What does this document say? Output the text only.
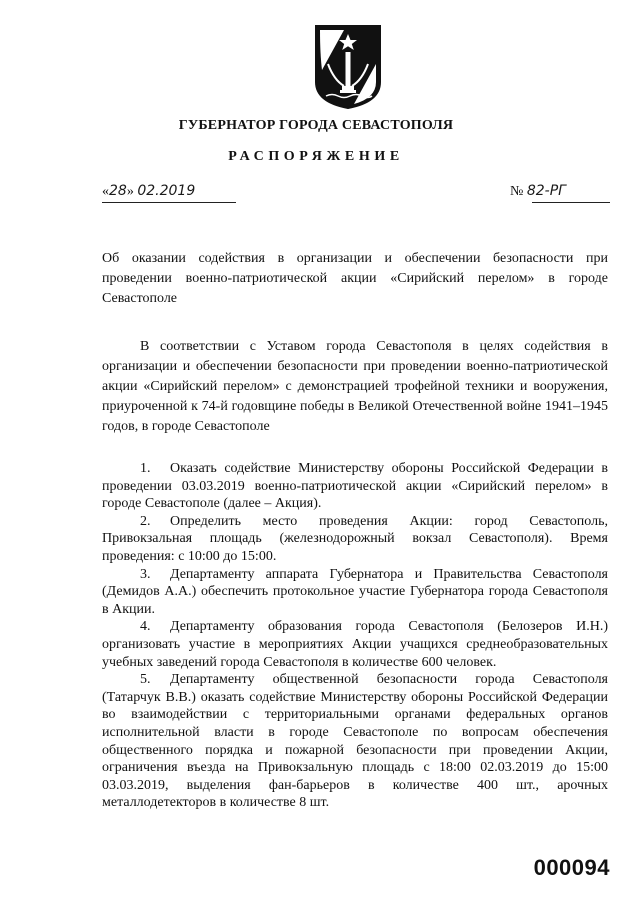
ГУБЕРНАТОР ГОРОДА СЕВАСТОПОЛЯ
РАСПОРЯЖЕНИЕ
«28» 02.2019	№ 82-РГ
Об оказании содействия в организации и обеспечении безопасности при проведении военно-патриотической акции «Сирийский перелом» в городе Севастополе
В соответствии с Уставом города Севастополя в целях содействия в организации и обеспечении безопасности при проведении военно-патриотической акции «Сирийский перелом» с демонстрацией трофейной техники и вооружения, приуроченной к 74-й годовщине победы в Великой Отечественной войне 1941–1945 годов, в городе Севастополе

1. Оказать содействие Министерству обороны Российской Федерации в проведении 03.03.2019 военно-патриотической акции «Сирийский перелом» в городе Севастополе (далее – Акция).

2. Определить место проведения Акции: город Севастополь, Привокзальная площадь (железнодорожный вокзал Севастополя). Время проведения: с 10:00 до 15:00.

3. Департаменту аппарата Губернатора и Правительства Севастополя (Демидов А.А.) обеспечить протокольное участие Губернатора города Севастополя в Акции.

4. Департаменту образования города Севастополя (Белозеров И.Н.) организовать участие в мероприятиях Акции учащихся среднеобразовательных учебных заведений города Севастополя в количестве 600 человек.

5. Департаменту общественной безопасности города Севастополя (Татарчук В.В.) оказать содействие Министерству обороны Российской Федерации во взаимодействии с территориальными органами федеральных органов исполнительной власти в городе Севастополе по вопросам обеспечения общественного порядка и пожарной безопасности при проведении Акции, ограничения въезда на Привокзальную площадь с 18:00 02.03.2019 до 15:00 03.03.2019, выделения фан-барьеров в количестве 400 шт., арочных металлодетекторов в количестве 8 шт.

000094
